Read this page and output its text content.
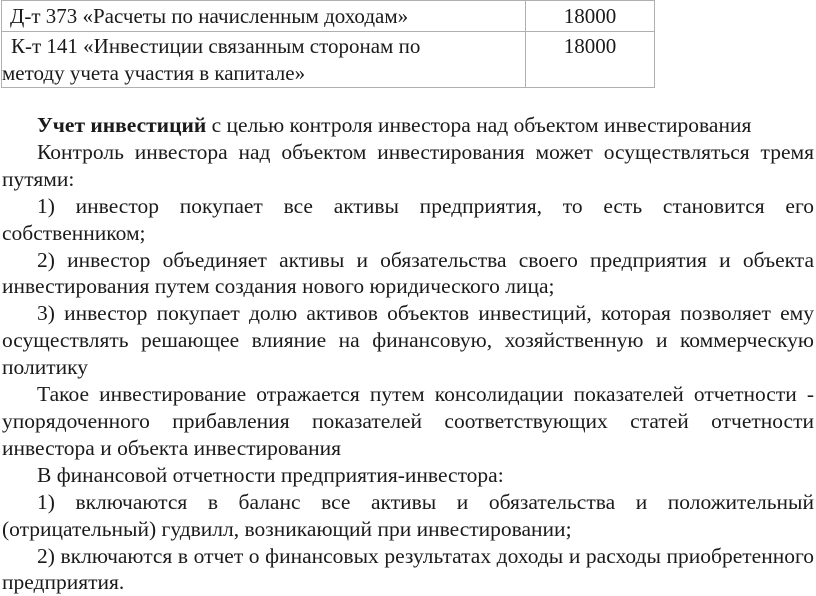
Д-т 373 «Расчеты по начисленным доходам»	18000

К-т 141 «Инвестиции связанным сторонам по
методу учета участия в капитале»	18000

Учет инвестиций с целью контроля инвестора над объектом инвестирования

Контроль инвестора над объектом инвестирования может осуществляться тремя путями:

1) инвестор покупает все активы предприятия, то есть становится его собственником;

2) инвестор объединяет активы и обязательства своего предприятия и объекта инвестирования путем создания нового юридического лица;

3) инвестор покупает долю активов объектов инвестиций, которая позволяет ему осуществлять решающее влияние на финансовую, хозяйственную и коммерческую политику

Такое инвестирование отражается путем консолидации показателей отчетности - упорядоченного прибавления показателей соответствующих статей отчетности инвестора и объекта инвестирования

В финансовой отчетности предприятия-инвестора:

1) включаются в баланс все активы и обязательства и положительный (отрицательный) гудвилл, возникающий при инвестировании;

2) включаются в отчет о финансовых результатах доходы и расходы приобретенного предприятия.
